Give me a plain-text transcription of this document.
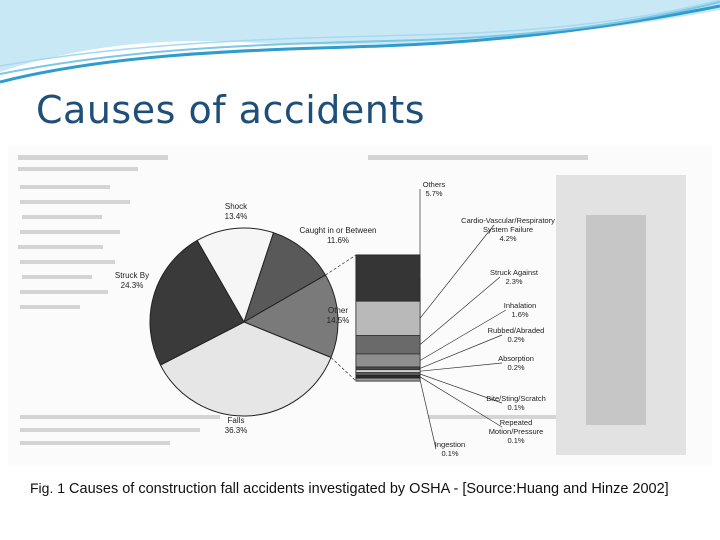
Causes of accidents
Shock
13.4%
Caught in or Between
11.6%
Other
14.5%
Falls
36.3%
Struck By
24.3%
Others
5.7%
Cardio-Vascular/Respiratory
System Failure
4.2%
Struck Against
2.3%
Inhalation
1.6%
Rubbed/Abraded
0.2%
Absorption
0.2%
Bite/Sting/Scratch
0.1%
Repeated
Motion/Pressure
0.1%
Ingestion
0.1%
Fig. 1 Causes of construction fall accidents investigated by OSHA - [Source:Huang and Hinze 2002]
